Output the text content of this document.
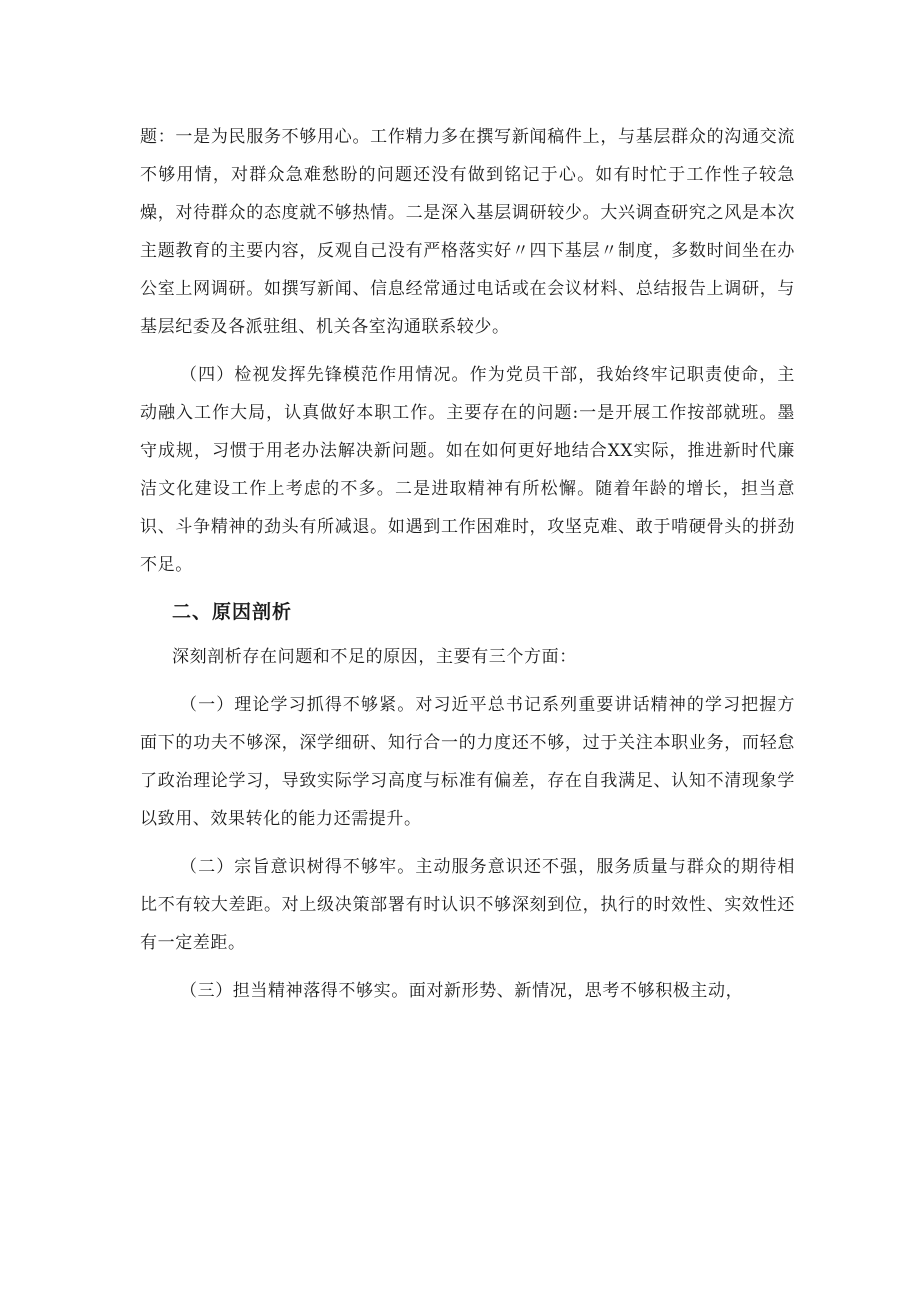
题：一是为民服务不够用心。工作精力多在撰写新闻稿件上，与基层群众的沟通交流不够用情，对群众急难愁盼的问题还没有做到铭记于心。如有时忙于工作性子较急燥，对待群众的态度就不够热情。二是深入基层调研较少。大兴调查研究之风是本次主题教育的主要内容，反观自己没有严格落实好〃四下基层〃制度，多数时间坐在办公室上网调研。如撰写新闻、信息经常通过电话或在会议材料、总结报告上调研，与基层纪委及各派驻组、机关各室沟通联系较少。

（四）检视发挥先锋模范作用情况。作为党员干部，我始终牢记职责使命，主动融入工作大局，认真做好本职工作。主要存在的问题:一是开展工作按部就班。墨守成规，习惯于用老办法解决新问题。如在如何更好地结合XX实际，推进新时代廉洁文化建设工作上考虑的不多。二是进取精神有所松懈。随着年龄的增长，担当意识、斗争精神的劲头有所减退。如遇到工作困难时，攻坚克难、敢于啃硬骨头的拼劲不足。

二、原因剖析

深刻剖析存在问题和不足的原因，主要有三个方面：

（一）理论学习抓得不够紧。对习近平总书记系列重要讲话精神的学习把握方面下的功夫不够深，深学细研、知行合一的力度还不够，过于关注本职业务，而轻怠了政治理论学习，导致实际学习高度与标准有偏差，存在自我满足、认知不清现象学以致用、效果转化的能力还需提升。

（二）宗旨意识树得不够牢。主动服务意识还不强，服务质量与群众的期待相比不有较大差距。对上级决策部署有时认识不够深刻到位，执行的时效性、实效性还有一定差距。

（三）担当精神落得不够实。面对新形势、新情况，思考不够积极主动，
